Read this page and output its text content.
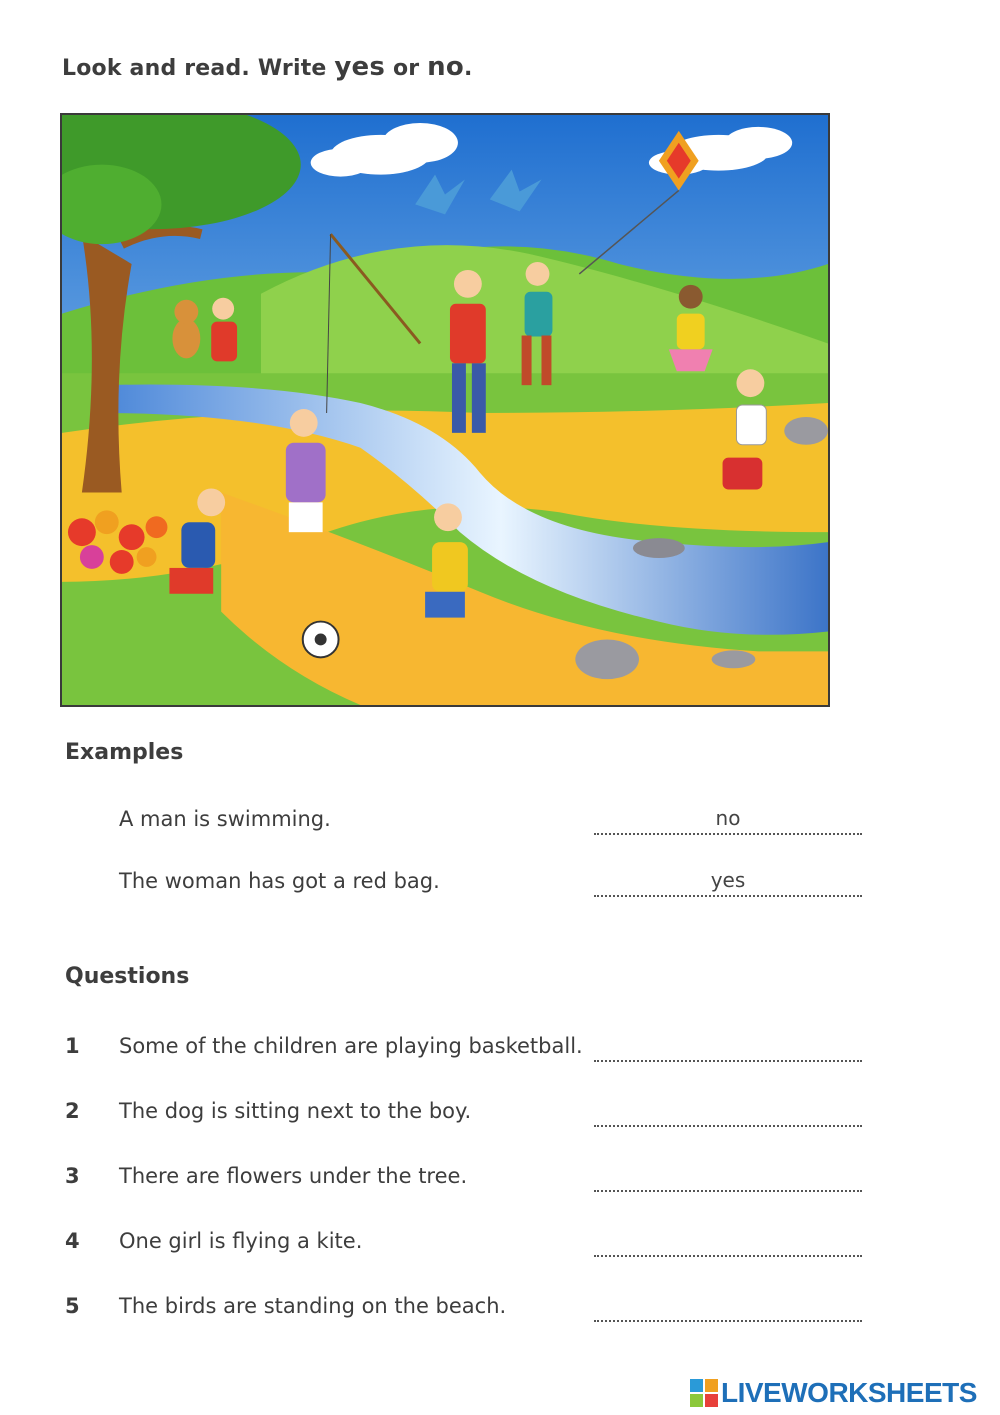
Look and read. Write yes or no.
Examples
A man is swimming.
no
The woman has got a red bag.
yes
Questions
1 Some of the children are playing basketball.
2 The dog is sitting next to the boy.
3 There are flowers under the tree.
4 One girl is flying a kite.
5 The birds are standing on the beach.
LIVEWORKSHEETS
